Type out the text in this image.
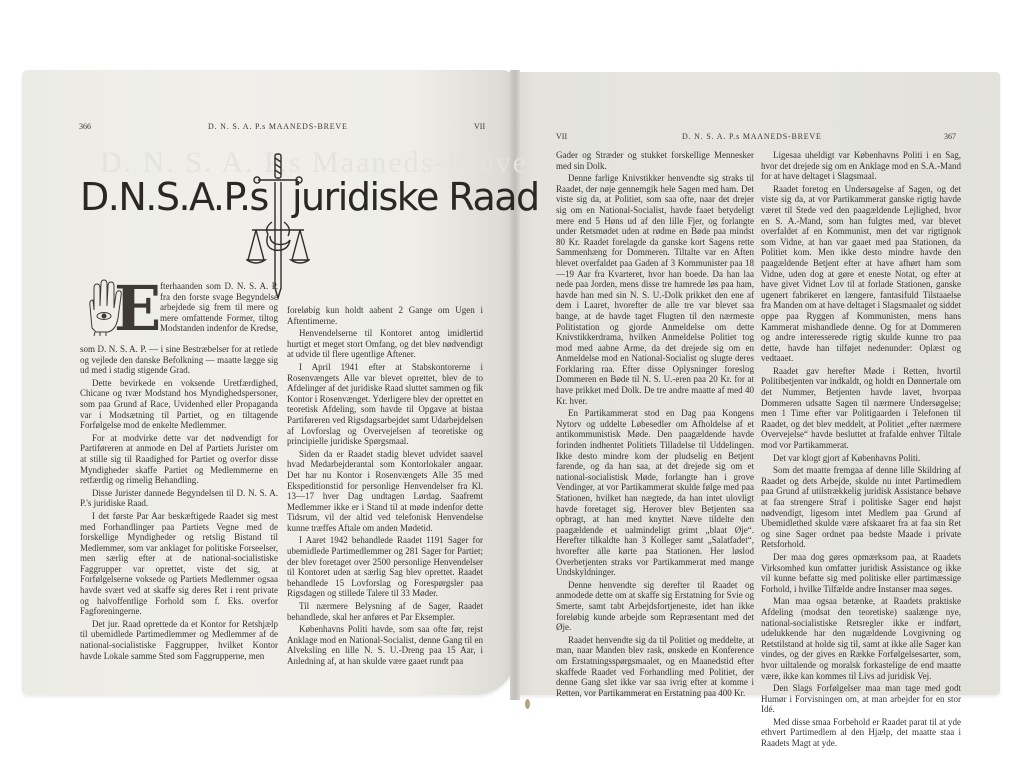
366	D. N. S. A. P.s MAANEDS-BREVE	VII
D. N. S. A. P.s Maaneds-Breve
D.N.S.A.P.s juridiske Raad
E
fterhaanden som D. N. S. A. P. fra den forste svage Begyndelse arbejdede sig frem til mere og mere omfattende Former, tiltog Modstanden indenfor de Kredse,

som D. N. S. A. P. — i sine Bestræbelser for at retlede og vejlede den danske Befolkning — maatte lægge sig ud med i stadig stigende Grad.

Dette bevirkede en voksende Uretfærdighed, Chicane og tvær Modstand hos Myndighedspersoner, som paa Grund af Race, Uvidenhed eller Propaganda var i Modsætning til Partiet, og en tiltagende Forfølgelse mod de enkelte Medlemmer.

For at modvirke dette var det nødvendigt for Partiføreren at anmode en Del af Partiets Jurister om at stille sig til Raadighed for Partiet og overfor disse Myndigheder skaffe Partiet og Medlemmerne en retfærdig og rimelig Behandling.

Disse Jurister dannede Begyndelsen til D. N. S. A. P.'s juridiske Raad.

I det første Par Aar beskæftigede Raadet sig mest med Forhandlinger paa Partiets Vegne med de forskellige Myndigheder og retslig Bistand til Medlemmer, som var anklaget for politiske Forseelser, men særlig efter at de national-socialistiske Faggrupper var oprettet, viste det sig, at Forfølgelserne voksede og Partiets Medlemmer ogsaa havde svært ved at skaffe sig deres Ret i rent private og halvoffentlige Forhold som f. Eks. overfor Fagforeningerne.

Det jur. Raad oprettede da et Kontor for Retshjælp til ubemidlede Partimedlemmer og Medlemmer af de national-socialistiske Faggrupper, hvilket Kontor havde Lokale samme Sted som Faggrupperne, men

foreløbig kun holdt aabent 2 Gange om Ugen i Aftentimerne.

Henvendelserne til Kontoret antog imidlertid hurtigt et meget stort Omfang, og det blev nødvendigt at udvide til flere ugentlige Aftener.

I April 1941 efter at Stabskontorerne i Rosenvængets Alle var blevet oprettet, blev de to Afdelinger af det juridiske Raad sluttet sammen og fik Kontor i Rosenvænget. Yderligere blev der oprettet en teoretisk Afdeling, som havde til Opgave at bistaa Partiføreren ved Rigsdagsarbejdet samt Udarbejdelsen af Lovforslag og Overvejelsen af teoretiske og principielle juridiske Spørgsmaal.

Siden da er Raadet stadig blevet udvidet saavel hvad Medarbejderantal som Kontorlokaler angaar. Det har nu Kontor i Rosenvængets Alle 35 med Ekspeditionstid for personlige Henvendelser fra Kl. 13—17 hver Dag undtagen Lørdag. Saafremt Medlemmer ikke er i Stand til at møde indenfor dette Tidsrum, vil der altid ved telefonisk Henvendelse kunne træffes Aftale om anden Mødetid.

I Aaret 1942 behandlede Raadet 1191 Sager for ubemidlede Partimedlemmer og 281 Sager for Partiet; der blev foretaget over 2500 personlige Henvendelser til Kontoret uden at særlig Sag blev oprettet. Raadet behandlede 15 Lovforslag og Forespørgsler paa Rigsdagen og stillede Talere til 33 Møder.

Til nærmere Belysning af de Sager, Raadet behandlede, skal her anføres et Par Eksempler.

Københavns Politi havde, som saa ofte før, rejst Anklage mod en National-Socialist, denne Gang til en Alveksling en lille N. S. U.-Dreng paa 15 Aar, i Anledning af, at han skulde være gaaet rundt paa

VII	D. N. S. A. P.s MAANEDS-BREVE	367

Gader og Stræder og stukket forskellige Mennesker med sin Dolk.

Denne farlige Knivstikker henvendte sig straks til Raadet, der nøje gennemgik hele Sagen med ham. Det viste sig da, at Politiet, som saa ofte, naar det drejer sig om en National-Socialist, havde faaet betydeligt mere end 5 Høns ud af den lille Fjer, og forlangte under Retsmødet uden at rødme en Bøde paa mindst 80 Kr. Raadet forelagde da ganske kort Sagens rette Sammenhæng for Dommeren. Tiltalte var en Aften blevet overfaldet paa Gaden af 3 Kommunister paa 18—19 Aar fra Kvarteret, hvor han boede. Da han laa nede paa Jorden, mens disse tre hamrede løs paa ham, havde han med sin N. S. U.-Dolk prikket den ene af dem i Laaret, hvorefter de alle tre var blevet saa bange, at de havde taget Flugten til den nærmeste Politistation og gjorde Anmeldelse om dette Knivstikkerdrama, hvilken Anmeldelse Politiet tog mod med aabne Arme, da det drejede sig om en Anmeldelse mod en National-Socialist og slugte deres Forklaring raa. Efter disse Oplysninger foreslog Dommeren en Bøde til N. S. U.-eren paa 20 Kr. for at have prikket med Dolk. De tre andre maatte af med 40 Kr. hver.

En Partikammerat stod en Dag paa Kongens Nytorv og uddelte Løbesedler om Afholdelse af et antikommunistisk Møde. Den paagældende havde forinden indhentet Politiets Tilladelse til Uddelingen. Ikke desto mindre kom der pludselig en Betjent farende, og da han saa, at det drejede sig om et national-socialistisk Møde, forlangte han i grove Vendinger, at vor Partikammerat skulde følge med paa Stationen, hvilket han nægtede, da han intet ulovligt havde foretaget sig. Herover blev Betjenten saa opbragt, at han med knyttet Næve tildelte den paagældende et ualmindeligt grimt „blaat Øje“. Herefter tilkaldte han 3 Kolleger samt „Salatfadet“, hvorefter alle kørte paa Stationen. Her løslod Overbetjenten straks vor Partikammerat med mange Undskyldninger.

Denne henvendte sig derefter til Raadet og anmodede dette om at skaffe sig Erstatning for Svie og Smerte, samt tabt Arbejdsfortjeneste, idet han ikke foreløbig kunde arbejde som Repræsentant med det Øje.

Raadet henvendte sig da til Politiet og meddelte, at man, naar Manden blev rask, ønskede en Konference om Erstatningsspørgsmaalet, og en Maanedstid efter skaffede Raadet ved Forhandling med Politiet, der denne Gang slet ikke var saa ivrig efter at komme i Retten, vor Partikammerat en Erstatning paa 400 Kr.

Ligesaa uheldigt var Københavns Politi i en Sag, hvor det drejede sig om en Anklage mod en S.A.-Mand for at have deltaget i Slagsmaal.

Raadet foretog en Undersøgelse af Sagen, og det viste sig da, at vor Partikammerat ganske rigtig havde været til Stede ved den paagældende Lejlighed, hvor en S. A.-Mand, som han fulgtes med, var blevet overfaldet af en Kommunist, men det var rigtignok som Vidne, at han var gaaet med paa Stationen, da Politiet kom. Men ikke desto mindre havde den paagældende Betjent efter at have afhørt ham som Vidne, uden dog at gøre et eneste Notat, og efter at have givet Vidnet Lov til at forlade Stationen, ganske ugenert fabrikeret en længere, fantasifuld Tilstaaelse fra Manden om at have deltaget i Slagsmaalet og siddet oppe paa Ryggen af Kommunisten, mens hans Kammerat mishandlede denne. Og for at Dommeren og andre interesserede rigtig skulde kunne tro paa dette, havde han tilføjet nedenunder: Oplæst og vedtaaet.

Raadet gav herefter Møde i Retten, hvortil Politibetjenten var indkaldt, og holdt en Dønnertale om det Nummer, Betjenten havde lavet, hvorpaa Dommeren udsatte Sagen til nærmere Undersøgelse; men 1 Time efter var Politigaarden i Telefonen til Raadet, og det blev meddelt, at Politiet „efter nærmere Overvejelse“ havde besluttet at frafalde enhver Tiltale mod vor Partikammerat.

Det var klogt gjort af Københavns Politi.

Som det maatte fremgaa af denne lille Skildring af Raadet og dets Arbejde, skulde nu intet Partimedlem paa Grund af utilstrækkelig juridisk Assistance behøve at faa strengere Straf i politiske Sager end højst nødvendigt, ligesom intet Medlem paa Grund af Ubemidlethed skulde være afskaaret fra at faa sin Ret og sine Sager ordnet paa bedste Maade i private Retsforhold.

Der maa dog gøres opmærksom paa, at Raadets Virksomhed kun omfatter juridisk Assistance og ikke vil kunne befatte sig med politiske eller partimæssige Forhold, i hvilke Tilfælde andre Instanser maa søges.

Man maa ogsaa betænke, at Raadets praktiske Afdeling (modsat den teoretiske) saalænge nye, national-socialistiske Retsregler ikke er indført, udelukkende har den nugældende Lovgivning og Retstilstand at holde sig til, samt at ikke alle Sager kan vindes, og der gives en Række Forfølgelsesarter, som, hvor uiltalende og moralsk forkastelige de end maatte være, ikke kan kommes til Livs ad juridisk Vej.

Den Slags Forfølgelser maa man tage med godt Humør i Forvisningen om, at man arbejder for en stor Idé.

Med disse smaa Forbehold er Raadet parat til at yde ethvert Partimedlem al den Hjælp, det maatte staa i Raadets Magt at yde.
